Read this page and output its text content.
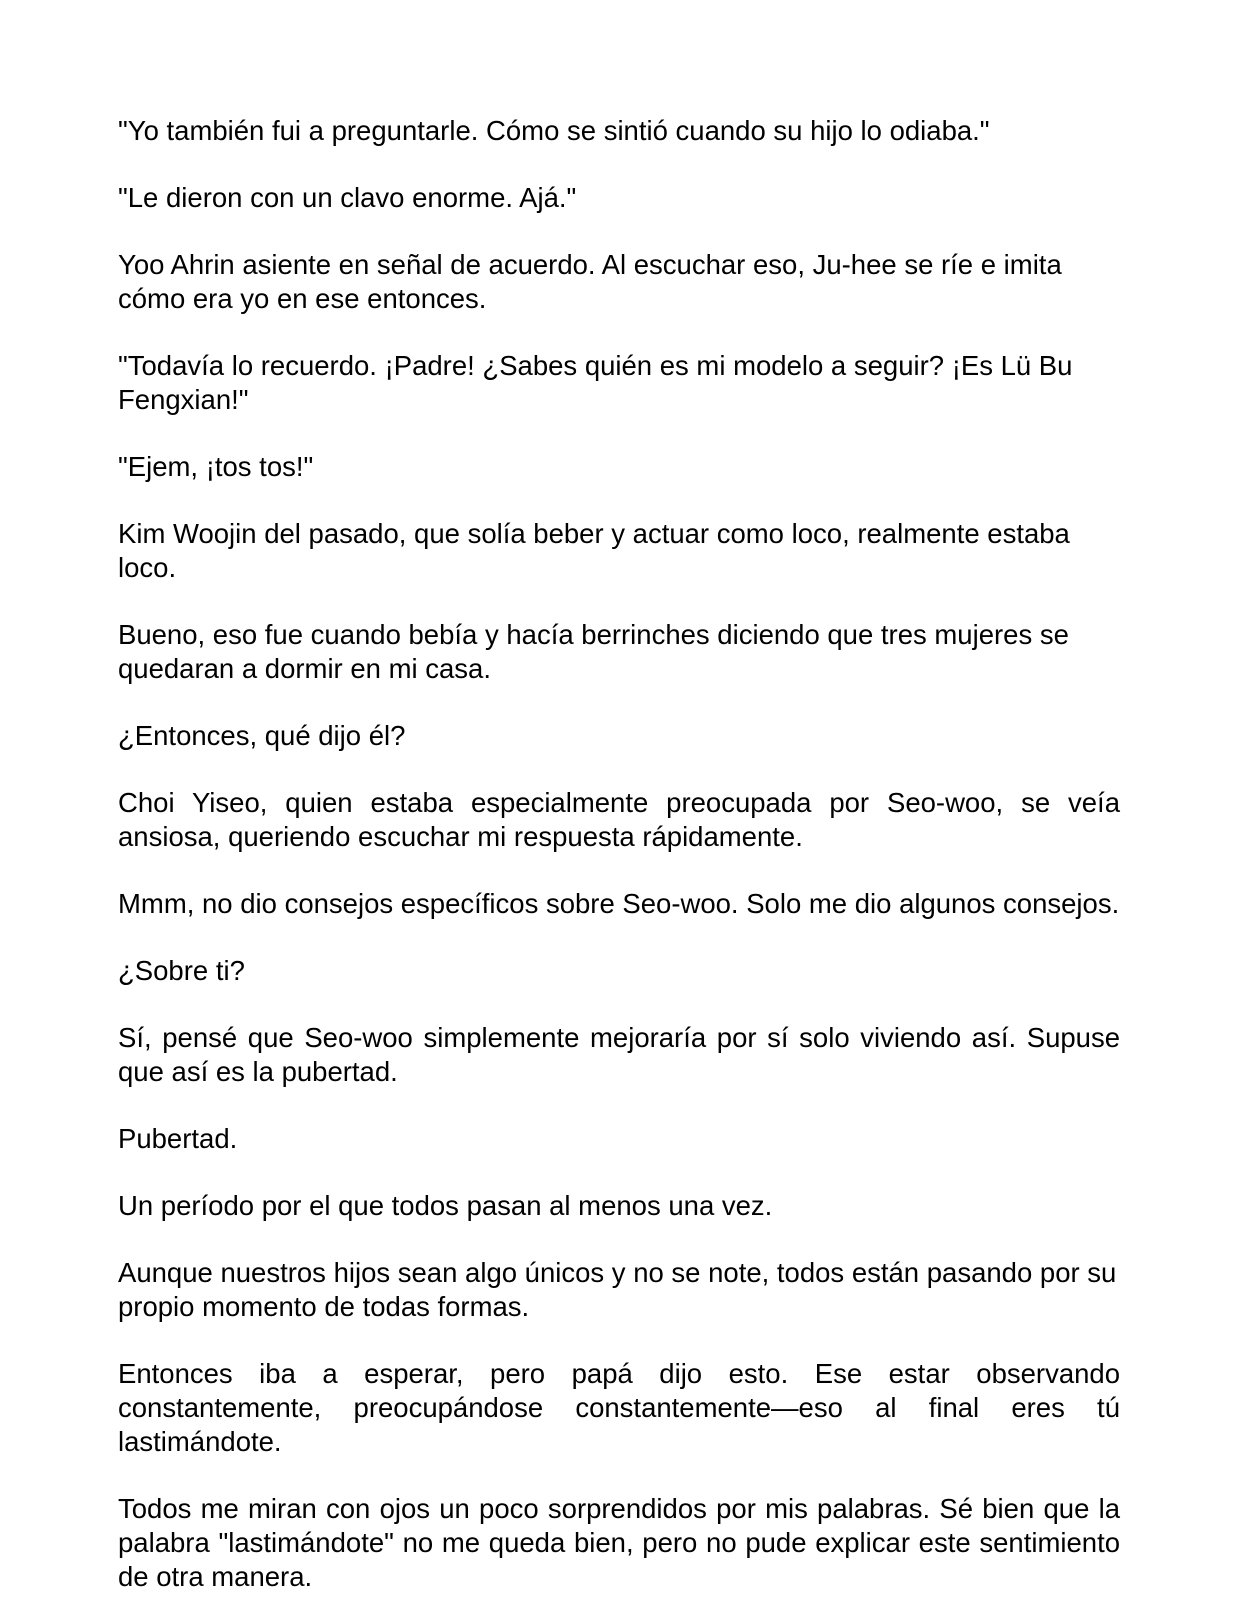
"Yo también fui a preguntarle. Cómo se sintió cuando su hijo lo odiaba."

"Le dieron con un clavo enorme. Ajá."

Yoo Ahrin asiente en señal de acuerdo. Al escuchar eso, Ju-hee se ríe e imita cómo era yo en ese entonces.

"Todavía lo recuerdo. ¡Padre! ¿Sabes quién es mi modelo a seguir? ¡Es Lü Bu Fengxian!"

"Ejem, ¡tos tos!"

Kim Woojin del pasado, que solía beber y actuar como loco, realmente estaba loco.

Bueno, eso fue cuando bebía y hacía berrinches diciendo que tres mujeres se quedaran a dormir en mi casa.

¿Entonces, qué dijo él?

Choi Yiseo, quien estaba especialmente preocupada por Seo-woo, se veía ansiosa, queriendo escuchar mi respuesta rápidamente.

Mmm, no dio consejos específicos sobre Seo-woo. Solo me dio algunos consejos.

¿Sobre ti?

Sí, pensé que Seo-woo simplemente mejoraría por sí solo viviendo así. Supuse que así es la pubertad.

Pubertad.

Un período por el que todos pasan al menos una vez.

Aunque nuestros hijos sean algo únicos y no se note, todos están pasando por su propio momento de todas formas.

Entonces iba a esperar, pero papá dijo esto. Ese estar observando constantemente, preocupándose constantemente—eso al final eres tú lastimándote.

Todos me miran con ojos un poco sorprendidos por mis palabras. Sé bien que la palabra "lastimándote" no me queda bien, pero no pude explicar este sentimiento de otra manera.
